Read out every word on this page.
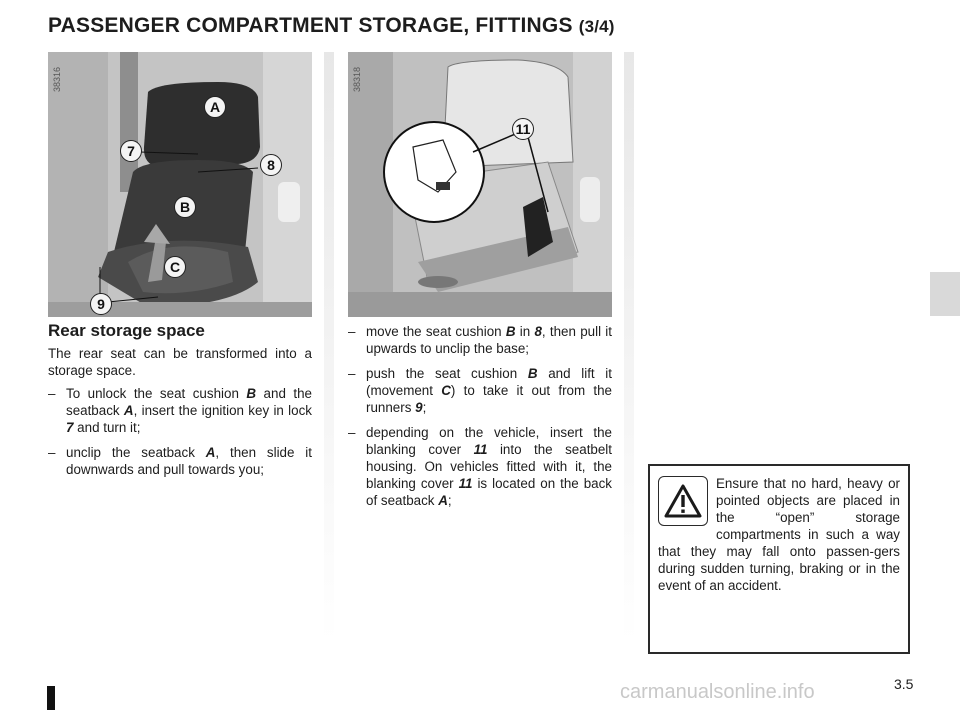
PASSENGER COMPARTMENT STORAGE, FITTINGS (3/4)
38316
A
7
8
B
C
9
38318
11
Rear storage space

The rear seat can be transformed into a storage space.

– To unlock the seat cushion B and the seatback A, insert the ignition key in lock 7 and turn it;
– unclip the seatback A, then slide it downwards and pull towards you;
– move the seat cushion B in 8, then pull it upwards to unclip the base;
– push the seat cushion B and lift it (movement C) to take it out from the runners 9;
– depending on the vehicle, insert the blanking cover 11 into the seatbelt housing. On vehicles fitted with it, the blanking cover 11 is located on the back of seatback A;
Ensure that no hard, heavy or pointed objects are placed in the “open” storage compartments in such a way that they may fall onto passen-gers during sudden turning, braking or in the event of an accident.
carmanualsonline.info	3.5
